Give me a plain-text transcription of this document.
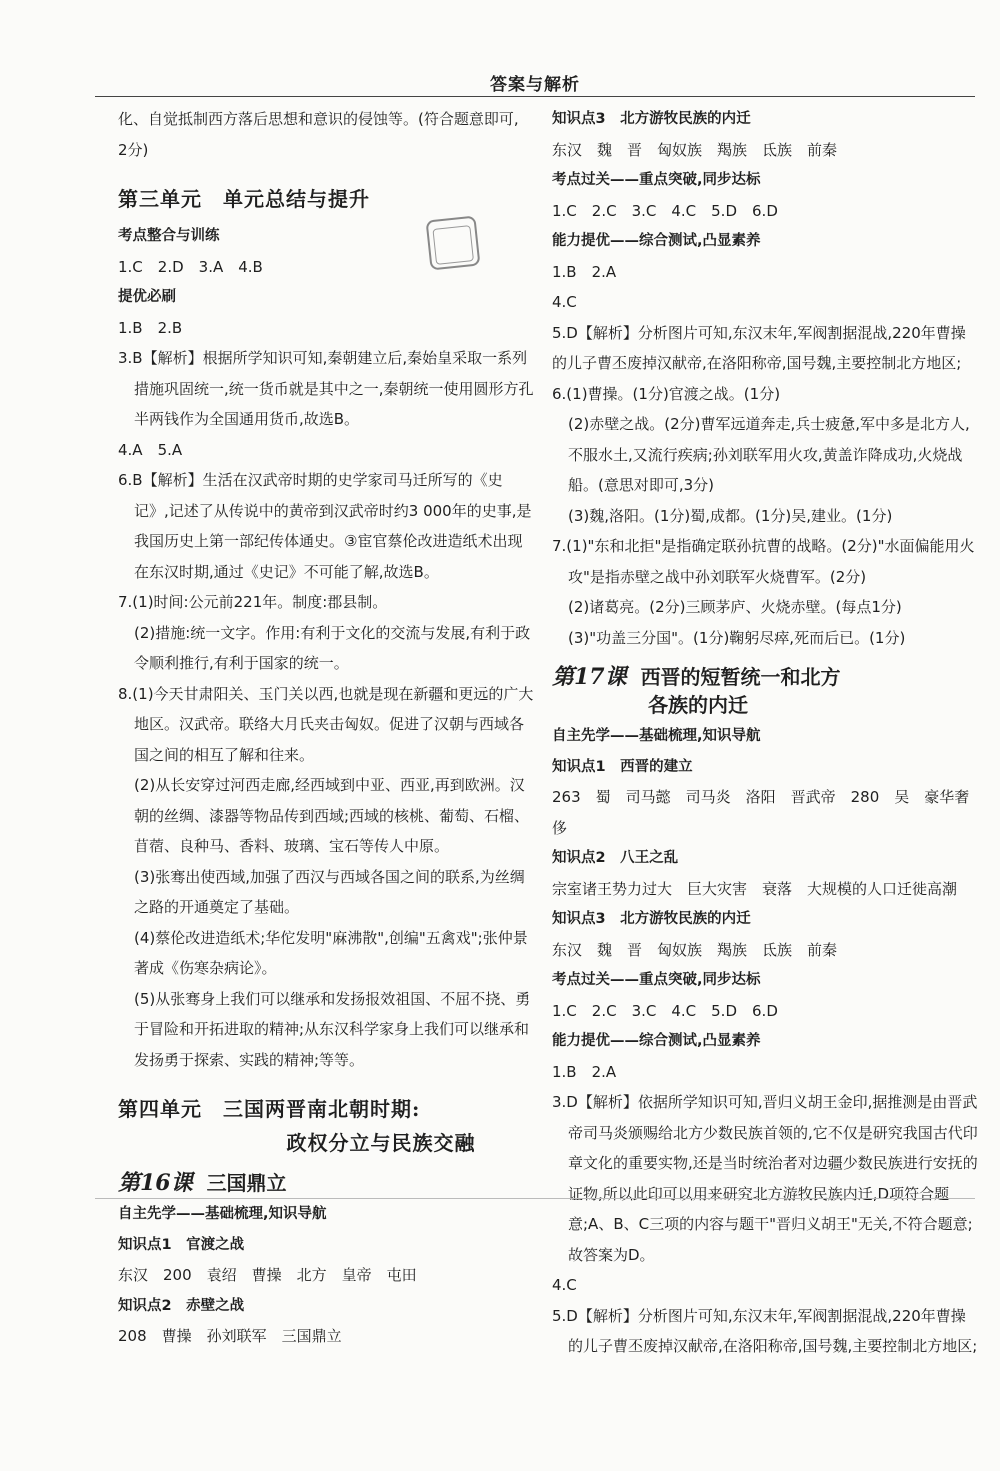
答案与解析

化、自觉抵制西方落后思想和意识的侵蚀等。(符合题意即可,

2分)

第三单元　单元总结与提升

考点整合与训练

1.C　2.D　3.A　4.B

提优必刷

1.B　2.B

3.B【解析】根据所学知识可知,秦朝建立后,秦始皇采取一系列措施巩固统一,统一货币就是其中之一,秦朝统一使用圆形方孔半两钱作为全国通用货币,故选B。

4.A　5.A

6.B【解析】生活在汉武帝时期的史学家司马迁所写的《史记》,记述了从传说中的黄帝到汉武帝时约3 000年的史事,是我国历史上第一部纪传体通史。③宦官蔡伦改进造纸术出现在东汉时期,通过《史记》不可能了解,故选B。

7.(1)时间:公元前221年。制度:郡县制。

(2)措施:统一文字。作用:有利于文化的交流与发展,有利于政令顺利推行,有利于国家的统一。

8.(1)今天甘肃阳关、玉门关以西,也就是现在新疆和更远的广大地区。汉武帝。联络大月氏夹击匈奴。促进了汉朝与西域各国之间的相互了解和往来。

(2)从长安穿过河西走廊,经西域到中亚、西亚,再到欧洲。汉朝的丝绸、漆器等物品传到西域;西域的核桃、葡萄、石榴、苜蓿、良种马、香料、玻璃、宝石等传人中原。

(3)张骞出使西域,加强了西汉与西域各国之间的联系,为丝绸之路的开通奠定了基础。

(4)蔡伦改进造纸术;华佗发明"麻沸散",创编"五禽戏";张仲景著成《伤寒杂病论》。

(5)从张骞身上我们可以继承和发扬报效祖国、不屈不挠、勇于冒险和开拓进取的精神;从东汉科学家身上我们可以继承和发扬勇于探索、实践的精神;等等。

第四单元　三国两晋南北朝时期:

政权分立与民族交融

第16课 三国鼎立

自主先学——基础梳理,知识导航

知识点1　官渡之战

东汉　200　袁绍　曹操　北方　皇帝　屯田

知识点2　赤壁之战

208　曹操　孙刘联军　三国鼎立

知识点3　北方游牧民族的内迁

东汉　魏　晋　匈奴族　羯族　氐族　前秦

考点过关——重点突破,同步达标

1.C　2.C　3.C　4.C　5.D　6.D

能力提优——综合测试,凸显素养

1.B　2.A

4.C

5.D【解析】分析图片可知,东汉末年,军阀割据混战,220年曹操的儿子曹丕废掉汉献帝,在洛阳称帝,国号魏,主要控制北方地区;

6.(1)曹操。(1分)官渡之战。(1分)

(2)赤壁之战。(2分)曹军远道奔走,兵士疲惫,军中多是北方人,不服水土,又流行疾病;孙刘联军用火攻,黄盖诈降成功,火烧战船。(意思对即可,3分)

(3)魏,洛阳。(1分)蜀,成都。(1分)吴,建业。(1分)

7.(1)"东和北拒"是指确定联孙抗曹的战略。(2分)"水面偏能用火攻"是指赤壁之战中孙刘联军火烧曹军。(2分)

(2)诸葛亮。(2分)三顾茅庐、火烧赤壁。(每点1分)

(3)"功盖三分国"。(1分)鞠躬尽瘁,死而后已。(1分)

第17课 西晋的短暂统一和北方

各族的内迁

自主先学——基础梳理,知识导航

知识点1　西晋的建立

263　蜀　司马懿　司马炎　洛阳　晋武帝　280　吴　豪华奢侈

知识点2　八王之乱

宗室诸王势力过大　巨大灾害　衰落　大规模的人口迁徙高潮

知识点3　北方游牧民族的内迁

东汉　魏　晋　匈奴族　羯族　氐族　前秦

考点过关——重点突破,同步达标

1.C　2.C　3.C　4.C　5.D　6.D

能力提优——综合测试,凸显素养

1.B　2.A

3.D【解析】依据所学知识可知,晋归义胡王金印,据推测是由晋武帝司马炎颁赐给北方少数民族首领的,它不仅是研究我国古代印章文化的重要实物,还是当时统治者对边疆少数民族进行安抚的证物,所以此印可以用来研究北方游牧民族内迁,D项符合题意;A、B、C三项的内容与题干"晋归义胡王"无关,不符合题意;故答案为D。

4.C

5.D【解析】分析图片可知,东汉末年,军阀割据混战,220年曹操的儿子曹丕废掉汉献帝,在洛阳称帝,国号魏,主要控制北方地区;
